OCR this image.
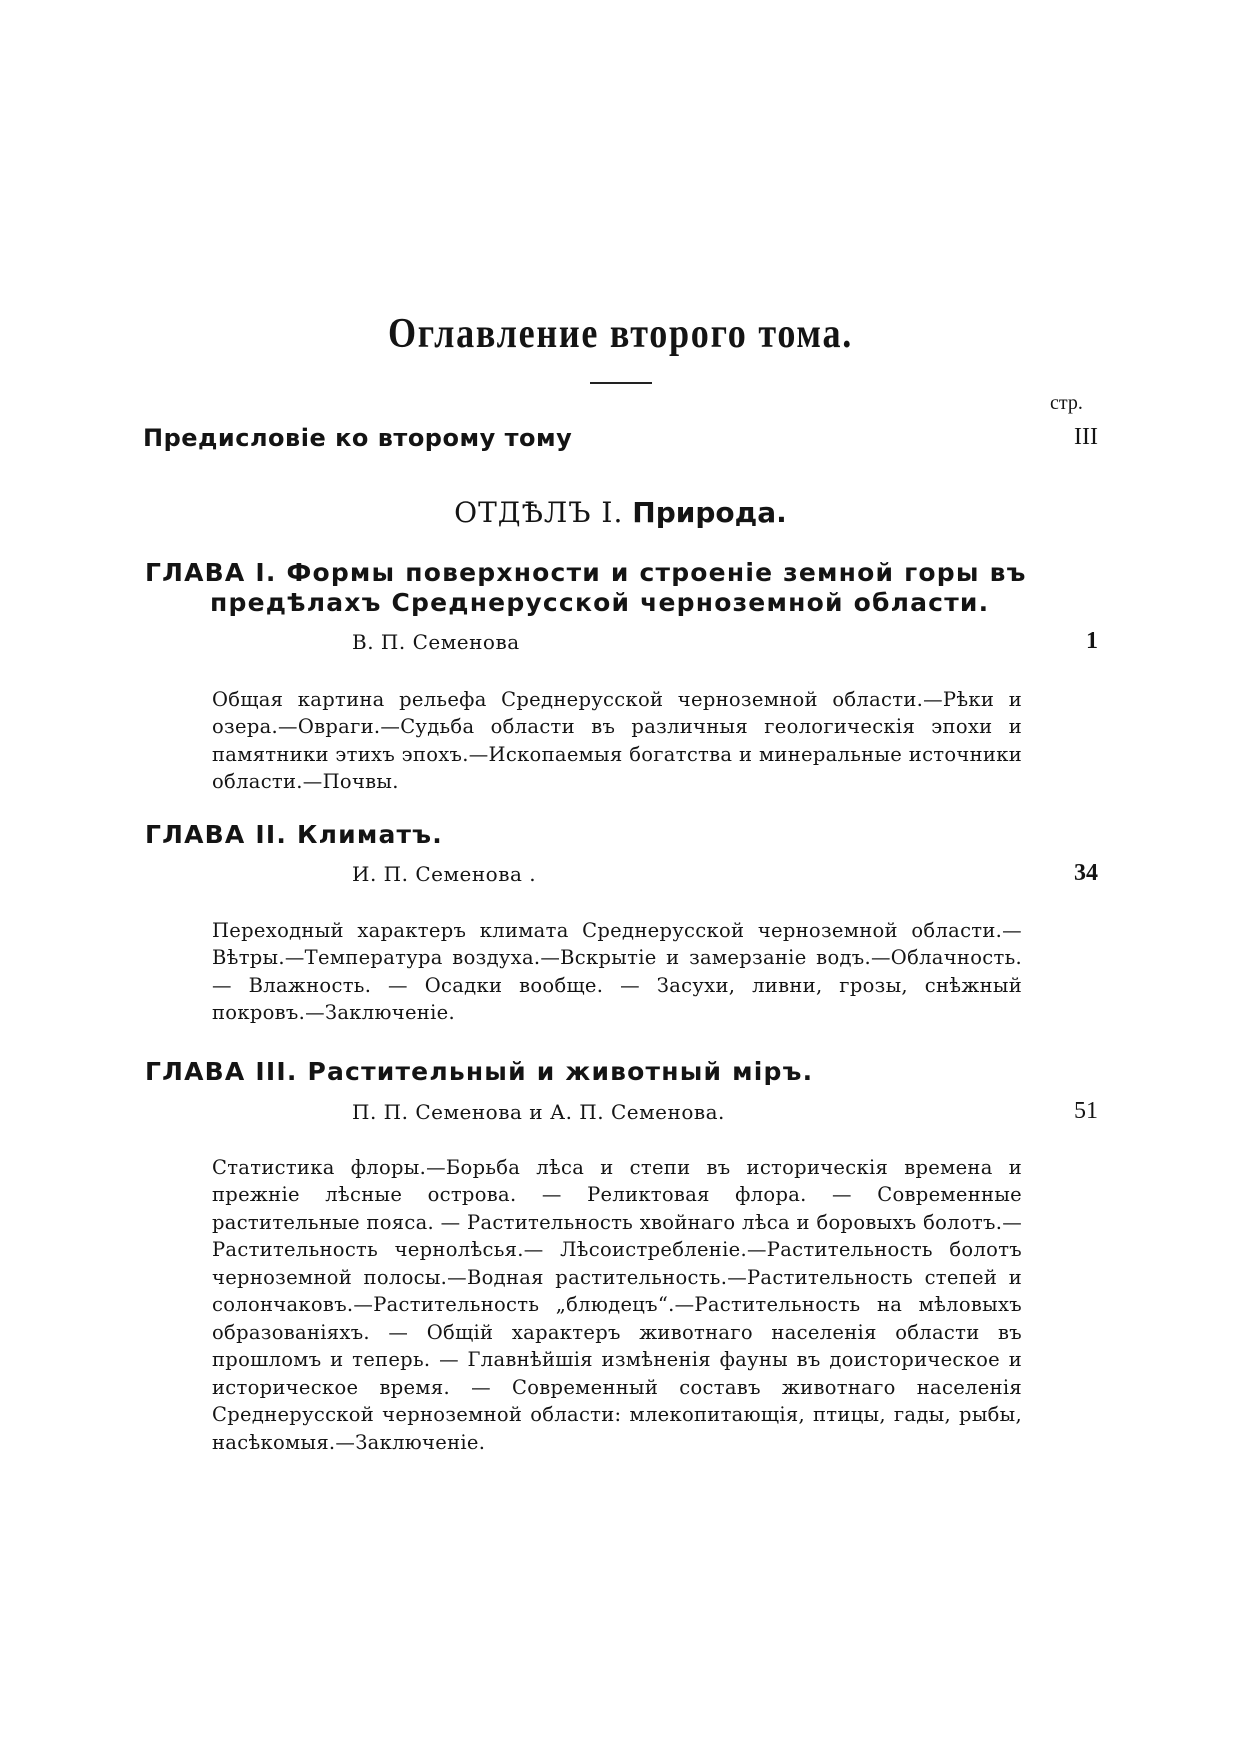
Оглавление второго тома.
стр.
Предисловіе ко второму тому	III
ОТДѢЛЪ I. Природа.
ГЛАВА I. Формы поверхности и строеніе земной горы въ
предѣлахъ Среднерусской черноземной области.
В. П. Семенова	1

Общая картина рельефа Среднерусской черноземной области.—Рѣки и озера.—Овраги.—Судьба области въ различныя геологическія эпохи и памятники этихъ эпохъ.—Ископаемыя богатства и минеральные источники области.—Почвы.

ГЛАВА II. Климатъ.
И. П. Семенова .	34

Переходный характеръ климата Среднерусской черноземной области.—Вѣтры.—Температура воздуха.—Вскрытіе и замерзаніе водъ.—Облачность. — Влажность. — Осадки вообще. — Засухи, ливни, грозы, снѣжный покровъ.—Заключеніе.

ГЛАВА III. Растительный и животный міръ.
П. П. Семенова и А. П. Семенова.	51

Статистика флоры.—Борьба лѣса и степи въ историческія времена и прежніе лѣсные острова. — Реликтовая флора. — Современные растительные пояса. — Растительность хвойнаго лѣса и боровыхъ болотъ.— Растительность чернолѣсья.— Лѣсоистребленіе.—Растительность болотъ черноземной полосы.—Водная растительность.—Растительность степей и солончаковъ.—Растительность „блюдецъ“.—Растительность на мѣловыхъ образованіяхъ. — Общій характеръ животнаго населенія области въ прошломъ и теперь. — Главнѣйшія измѣненія фауны въ доисторическое и историческое время. — Современный составъ животнаго населенія Среднерусской черноземной области: млекопитающія, птицы, гады, рыбы, насѣкомыя.—Заключеніе.
